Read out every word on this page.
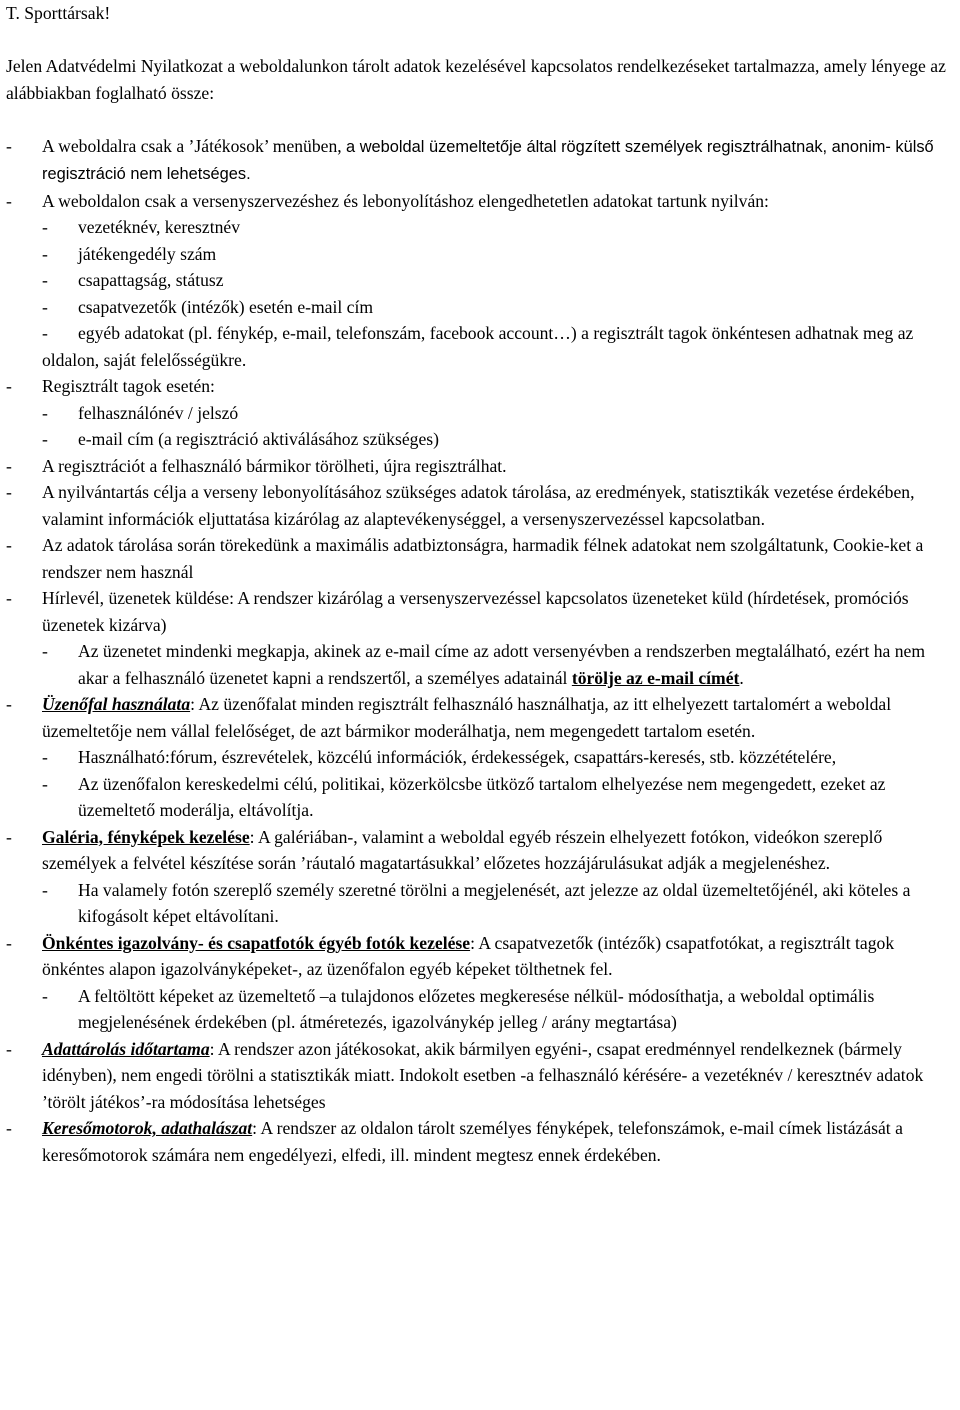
T. Sporttársak!

Jelen Adatvédelmi Nyilatkozat a weboldalunkon tárolt adatok kezelésével kapcsolatos rendelkezéseket tartalmazza, amely lényege az alábbiakban foglalható össze:

- A weboldalra csak a ’Játékosok’ menüben, a weboldal üzemeltetője által rögzített személyek regisztrálhatnak, anonim- külső regisztráció nem lehetséges.
- A weboldalon csak a versenyszervezéshez és lebonyolításhoz elengedhetetlen adatokat tartunk nyilván:
- vezetéknév, keresztnév
- játékengedély szám
- csapattagság, státusz
- csapatvezetők (intézők) esetén e-mail cím
-	egyéb adatokat (pl. fénykép, e-mail, telefonszám, facebook account…) a regisztrált tagok önkéntesen adhatnak meg az oldalon, saját felelősségükre.
- Regisztrált tagok esetén:
- felhasználónév / jelszó
- e-mail cím (a regisztráció aktiválásához szükséges)
- A regisztrációt a felhasználó bármikor törölheti, újra regisztrálhat.
- A nyilvántartás célja a verseny lebonyolításához szükséges adatok tárolása, az eredmények, statisztikák vezetése érdekében, valamint információk eljuttatása kizárólag az alaptevékenységgel, a versenyszervezéssel kapcsolatban.
- Az adatok tárolása során törekedünk a maximális adatbiztonságra, harmadik félnek adatokat nem szolgáltatunk, Cookie-ket a rendszer nem használ
- Hírlevél, üzenetek küldése: A rendszer kizárólag a versenyszervezéssel kapcsolatos üzeneteket küld (hírdetések, promóciós üzenetek kizárva)
- Az üzenetet mindenki megkapja, akinek az e-mail címe az adott versenyévben a rendszerben megtalálható, ezért ha nem akar a felhasználó üzenetet kapni a rendszertől, a személyes adatainál törölje az e-mail címét.
- Üzenőfal használata: Az üzenőfalat minden regisztrált felhasználó használhatja, az itt elhelyezett tartalomért a weboldal üzemeltetője nem vállal felelőséget, de azt bármikor moderálhatja, nem megengedett tartalom esetén.
- Használható:fórum, észrevételek, közcélú információk, érdekességek, csapattárs-keresés, stb. közzétételére,
- Az üzenőfalon kereskedelmi célú, politikai, közerkölcsbe ütköző tartalom elhelyezése nem megengedett, ezeket az üzemeltető moderálja, eltávolítja.
- Galéria, fényképek kezelése: A galériában-, valamint a weboldal egyéb részein elhelyezett fotókon, videókon szereplő személyek a felvétel készítése során ’ráutaló magatartásukkal’ előzetes hozzájárulásukat adják a megjelenéshez.
- Ha valamely fotón szereplő személy szeretné törölni a megjelenését, azt jelezze az oldal üzemeltetőjénél, aki köteles a kifogásolt képet eltávolítani.
- Önkéntes igazolvány- és csapatfotók égyéb fotók kezelése: A csapatvezetők (intézők) csapatfotókat, a regisztrált tagok önkéntes alapon igazolványképeket-, az üzenőfalon egyéb képeket tölthetnek fel.
- A feltöltött képeket az üzemeltető –a tulajdonos előzetes megkeresése nélkül- módosíthatja, a weboldal optimális megjelenésének érdekében (pl. átméretezés, igazolványkép jelleg / arány megtartása)
- Adattárolás időtartama: A rendszer azon játékosokat, akik bármilyen egyéni-, csapat eredménnyel rendelkeznek (bármely idényben), nem engedi törölni a statisztikák miatt. Indokolt esetben -a felhasználó kérésére- a vezetéknév / keresztnév adatok ’törölt játékos’-ra módosítása lehetséges
- Keresőmotorok, adathalászat: A rendszer az oldalon tárolt személyes fényképek, telefonszámok, e-mail címek listázását a keresőmotorok számára nem engedélyezi, elfedi, ill. mindent megtesz ennek érdekében.
